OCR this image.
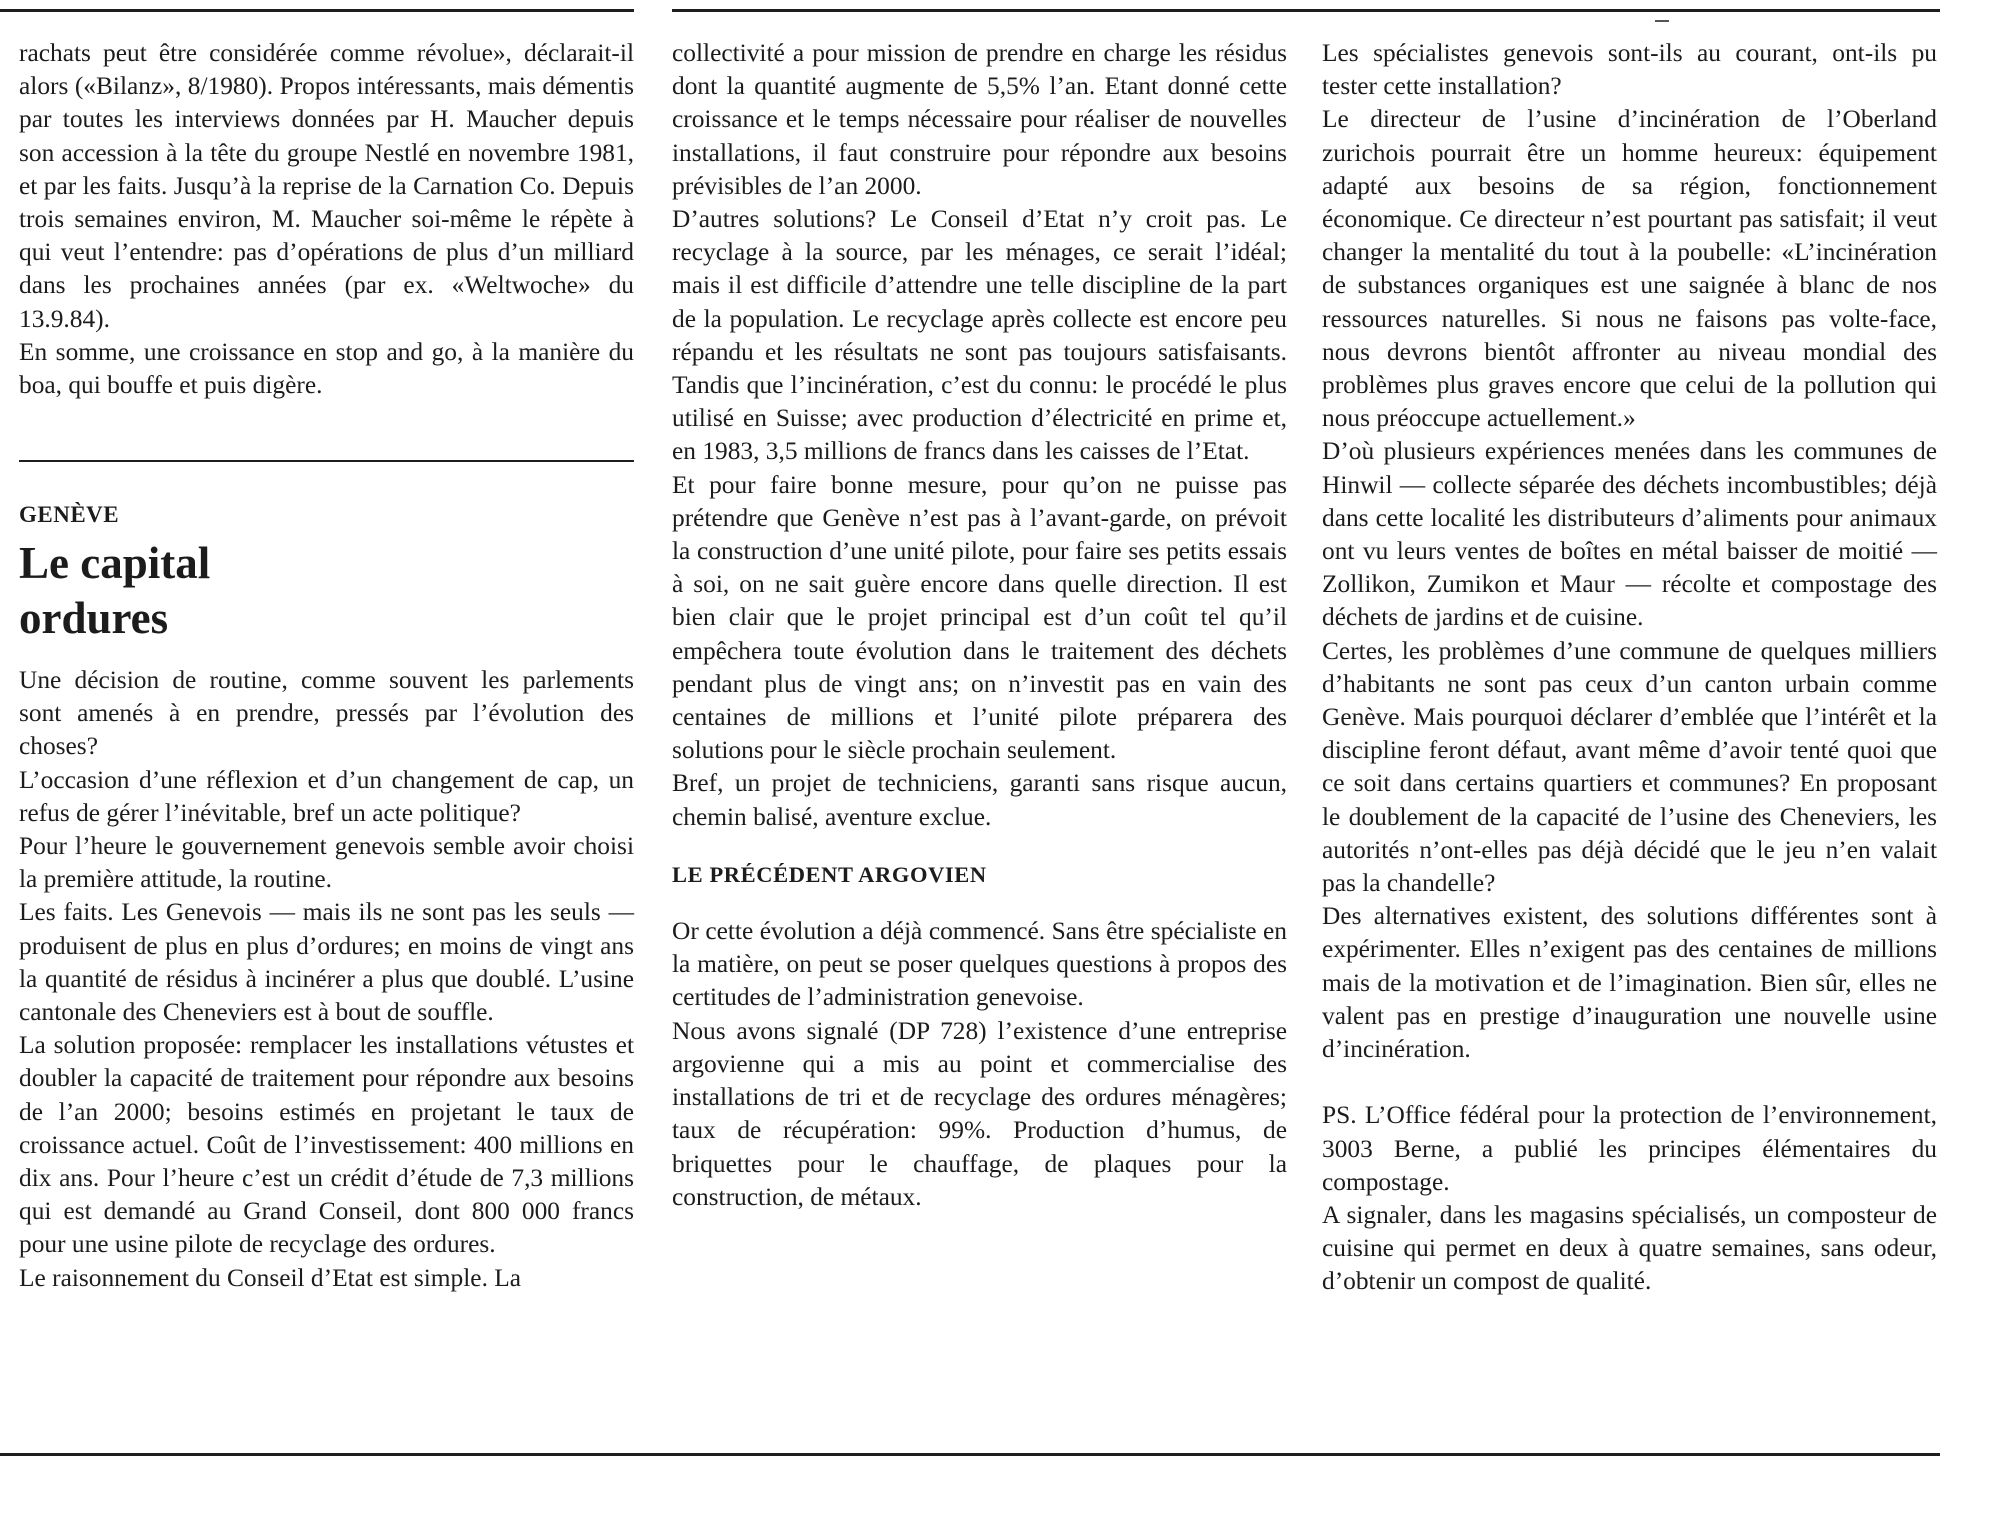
rachats peut être considérée comme révolue», déclarait-il alors («Bilanz», 8/1980). Propos intéressants, mais démentis par toutes les interviews données par H. Maucher depuis son accession à la tête du groupe Nestlé en novembre 1981, et par les faits. Jusqu’à la reprise de la Carnation Co. Depuis trois semaines environ, M. Maucher soi-même le répète à qui veut l’entendre: pas d’opérations de plus d’un milliard dans les prochaines années (par ex. «Weltwoche» du 13.9.84).

En somme, une croissance en stop and go, à la manière du boa, qui bouffe et puis digère.

GENÈVE

Le capital
ordures

Une décision de routine, comme souvent les parlements sont amenés à en prendre, pressés par l’évolution des choses?

L’occasion d’une réflexion et d’un changement de cap, un refus de gérer l’inévitable, bref un acte politique?

Pour l’heure le gouvernement genevois semble avoir choisi la première attitude, la routine.

Les faits. Les Genevois — mais ils ne sont pas les seuls — produisent de plus en plus d’ordures; en moins de vingt ans la quantité de résidus à incinérer a plus que doublé. L’usine cantonale des Cheneviers est à bout de souffle.

La solution proposée: remplacer les installations vétustes et doubler la capacité de traitement pour répondre aux besoins de l’an 2000; besoins estimés en projetant le taux de croissance actuel. Coût de l’investissement: 400 millions en dix ans. Pour l’heure c’est un crédit d’étude de 7,3 millions qui est demandé au Grand Conseil, dont 800 000 francs pour une usine pilote de recyclage des ordures.

Le raisonnement du Conseil d’Etat est simple. La

collectivité a pour mission de prendre en charge les résidus dont la quantité augmente de 5,5% l’an. Etant donné cette croissance et le temps nécessaire pour réaliser de nouvelles installations, il faut construire pour répondre aux besoins prévisibles de l’an 2000.

D’autres solutions? Le Conseil d’Etat n’y croit pas. Le recyclage à la source, par les ménages, ce serait l’idéal; mais il est difficile d’attendre une telle discipline de la part de la population. Le recyclage après collecte est encore peu répandu et les résultats ne sont pas toujours satisfaisants. Tandis que l’incinération, c’est du connu: le procédé le plus utilisé en Suisse; avec production d’électricité en prime et, en 1983, 3,5 millions de francs dans les caisses de l’Etat.

Et pour faire bonne mesure, pour qu’on ne puisse pas prétendre que Genève n’est pas à l’avant-garde, on prévoit la construction d’une unité pilote, pour faire ses petits essais à soi, on ne sait guère encore dans quelle direction. Il est bien clair que le projet principal est d’un coût tel qu’il empêchera toute évolution dans le traitement des déchets pendant plus de vingt ans; on n’investit pas en vain des centaines de millions et l’unité pilote préparera des solutions pour le siècle prochain seulement.

Bref, un projet de techniciens, garanti sans risque aucun, chemin balisé, aventure exclue.

LE PRÉCÉDENT ARGOVIEN

Or cette évolution a déjà commencé. Sans être spécialiste en la matière, on peut se poser quelques questions à propos des certitudes de l’administration genevoise.

Nous avons signalé (DP 728) l’existence d’une entreprise argovienne qui a mis au point et commercialise des installations de tri et de recyclage des ordures ménagères; taux de récupération: 99%. Production d’humus, de briquettes pour le chauffage, de plaques pour la construction, de métaux.

Les spécialistes genevois sont-ils au courant, ont-ils pu tester cette installation?

Le directeur de l’usine d’incinération de l’Oberland zurichois pourrait être un homme heureux: équipement adapté aux besoins de sa région, fonctionnement économique. Ce directeur n’est pourtant pas satisfait; il veut changer la mentalité du tout à la poubelle: «L’incinération de substances organiques est une saignée à blanc de nos ressources naturelles. Si nous ne faisons pas volte-face, nous devrons bientôt affronter au niveau mondial des problèmes plus graves encore que celui de la pollution qui nous préoccupe actuellement.»

D’où plusieurs expériences menées dans les communes de Hinwil — collecte séparée des déchets incombustibles; déjà dans cette localité les distributeurs d’aliments pour animaux ont vu leurs ventes de boîtes en métal baisser de moitié — Zollikon, Zumikon et Maur — récolte et compostage des déchets de jardins et de cuisine.

Certes, les problèmes d’une commune de quelques milliers d’habitants ne sont pas ceux d’un canton urbain comme Genève. Mais pourquoi déclarer d’emblée que l’intérêt et la discipline feront défaut, avant même d’avoir tenté quoi que ce soit dans certains quartiers et communes? En proposant le doublement de la capacité de l’usine des Cheneviers, les autorités n’ont-elles pas déjà décidé que le jeu n’en valait pas la chandelle?

Des alternatives existent, des solutions différentes sont à expérimenter. Elles n’exigent pas des centaines de millions mais de la motivation et de l’imagination. Bien sûr, elles ne valent pas en prestige d’inauguration une nouvelle usine d’incinération.

PS. L’Office fédéral pour la protection de l’environnement, 3003 Berne, a publié les principes élémentaires du compostage.

A signaler, dans les magasins spécialisés, un composteur de cuisine qui permet en deux à quatre semaines, sans odeur, d’obtenir un compost de qualité.
